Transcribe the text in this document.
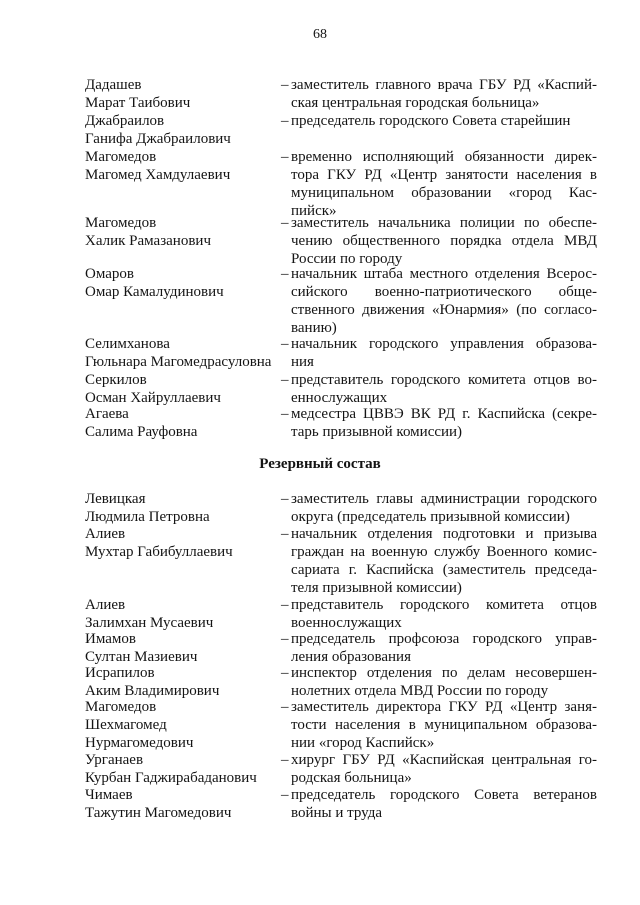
68
Дадашев
Марат Таибович
– заместитель главного врача ГБУ РД «Каспий-
ская центральная городская больница»
Джабраилов
Ганифа Джабраилович
– председатель городского Совета старейшин
Магомедов
Магомед Хамдулаевич
– временно исполняющий обязанности дирек-
тора ГКУ РД «Центр занятости населения в
муниципальном образовании «город Кас-
пийск»
Магомедов
Халик Рамазанович
– заместитель начальника полиции по обеспе-
чению общественного порядка отдела МВД
России по городу
Омаров
Омар Камалудинович
– начальник штаба местного отделения Всерос-
сийского военно-патриотического обще-
ственного движения «Юнармия» (по согласо-
ванию)
Селимханова
Гюльнара Магомедрасуловна
– начальник городского управления образова-
ния
Серкилов
Осман Хайруллаевич
– представитель городского комитета отцов во-
еннослужащих
Агаева
Салима Рауфовна
– медсестра ЦВВЭ ВК РД г. Каспийска (секре-
тарь призывной комиссии)
Резервный состав
Левицкая
Людмила Петровна
– заместитель главы администрации городского
округа (председатель призывной комиссии)
Алиев
Мухтар Габибуллаевич
– начальник отделения подготовки и призыва
граждан на военную службу Военного комис-
сариата г. Каспийска (заместитель председа-
теля призывной комиссии)
Алиев
Залимхан Мусаевич
– представитель городского комитета отцов
военнослужащих
Имамов
Султан Мазиевич
– председатель профсоюза городского управ-
ления образования
Исрапилов
Аким Владимирович
– инспектор отделения по делам несовершен-
нолетних отдела МВД России по городу
Магомедов
Шехмагомед
Нурмагомедович
– заместитель директора ГКУ РД «Центр заня-
тости населения в муниципальном образова-
нии «город Каспийск»
Урганаев
Курбан Гаджирабаданович
– хирург ГБУ РД «Каспийская центральная го-
родская больница»
Чимаев
Тажутин Магомедович
– председатель городского Совета ветеранов
войны и труда
